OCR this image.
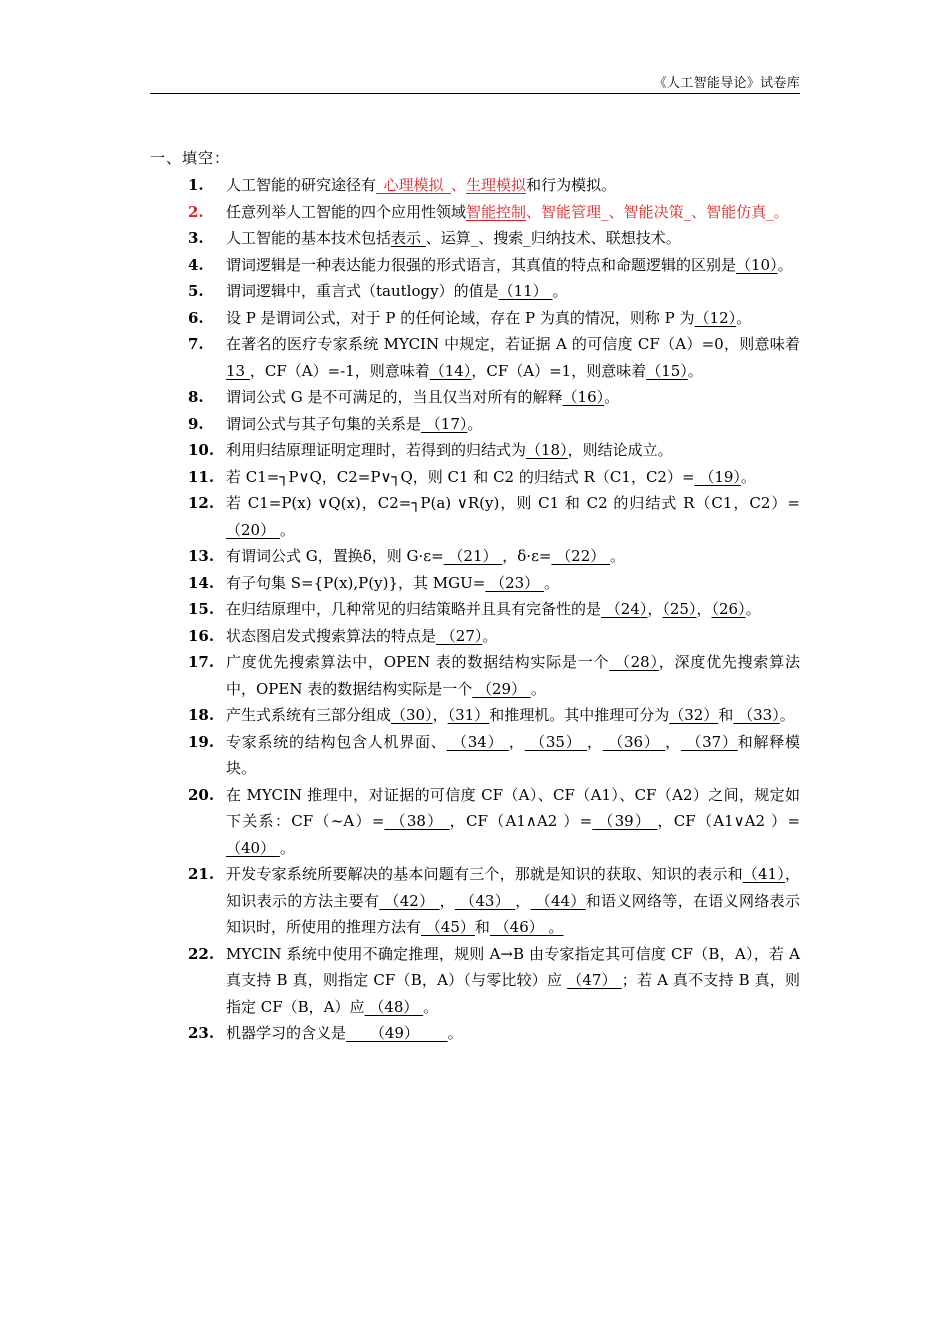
《人工智能导论》试卷库
一、填空：
1.	人工智能的研究途径有_心理模拟_、生理模拟和行为模拟。
2.	任意列举人工智能的四个应用性领域智能控制、智能管理_、智能决策_、智能仿真_。
3.	人工智能的基本技术包括表示 、运算_、搜索_归纳技术、联想技术。
4.	谓词逻辑是一种表达能力很强的形式语言，其真值的特点和命题逻辑的区别是（10）。
5.	谓词逻辑中，重言式（tautlogy）的值是（11） 。
6.	设 P 是谓词公式，对于 P 的任何论域，存在 P 为真的情况，则称 P 为（12）。
7.	在著名的医疗专家系统 MYCIN 中规定，若证据 A 的可信度 CF（A）=0，则意味着 13 ，CF（A）=-1，则意味着（14），CF（A）=1，则意味着（15）。
8.	谓词公式 G 是不可满足的，当且仅当对所有的解释（16）。
9.	谓词公式与其子句集的关系是 （17）。
10. 利用归结原理证明定理时，若得到的归结式为（18），则结论成立。
11. 若 C1=┐P∨Q，C2=P∨┐Q，则 C1 和 C2 的归结式 R（C1，C2）= （19）。
12. 若 C1=P(x) ∨Q(x)，C2=┐P(a) ∨R(y)，则 C1 和 C2 的归结式 R（C1，C2）= （20） 。
13. 有谓词公式 G，置换δ，则 G·ε= （21） ，δ·ε= （22） 。
14. 有子句集 S={P(x),P(y)}，其 MGU= （23） 。
15. 在归结原理中，几种常见的归结策略并且具有完备性的是 （24），（25），（26）。
16. 状态图启发式搜索算法的特点是 （27）。
17. 广度优先搜索算法中，OPEN 表的数据结构实际是一个 （28），深度优先搜索算法中，OPEN 表的数据结构实际是一个 （29） 。
18. 产生式系统有三部分组成（30），（31）和推理机。其中推理可分为（32）和 （33）。
19. 专家系统的结构包含人机界面、 （34） ， （35） ， （36） ， （37）和解释模块。
20. 在 MYCIN 推理中，对证据的可信度 CF（A）、CF（A1）、CF（A2）之间，规定如下关系：CF（~A）= （38） ，CF（A1∧A2 ）= （39） ，CF（A1∨A2 ）= （40） 。
21. 开发专家系统所要解决的基本问题有三个，那就是知识的获取、知识的表示和（41），知识表示的方法主要有 （42） ， （43） ， （44）和语义网络等，在语义网络表示知识时，所使用的推理方法有 （45）和 （46） 。
22. MYCIN 系统中使用不确定推理，规则 A→B 由专家指定其可信度 CF（B，A），若 A 真支持 B 真，则指定 CF（B，A）（与零比较）应 （47） ；若 A 真不支持 B 真，则指定 CF（B，A）应 （48） 。
23. 机器学习的含义是     （49）      。
